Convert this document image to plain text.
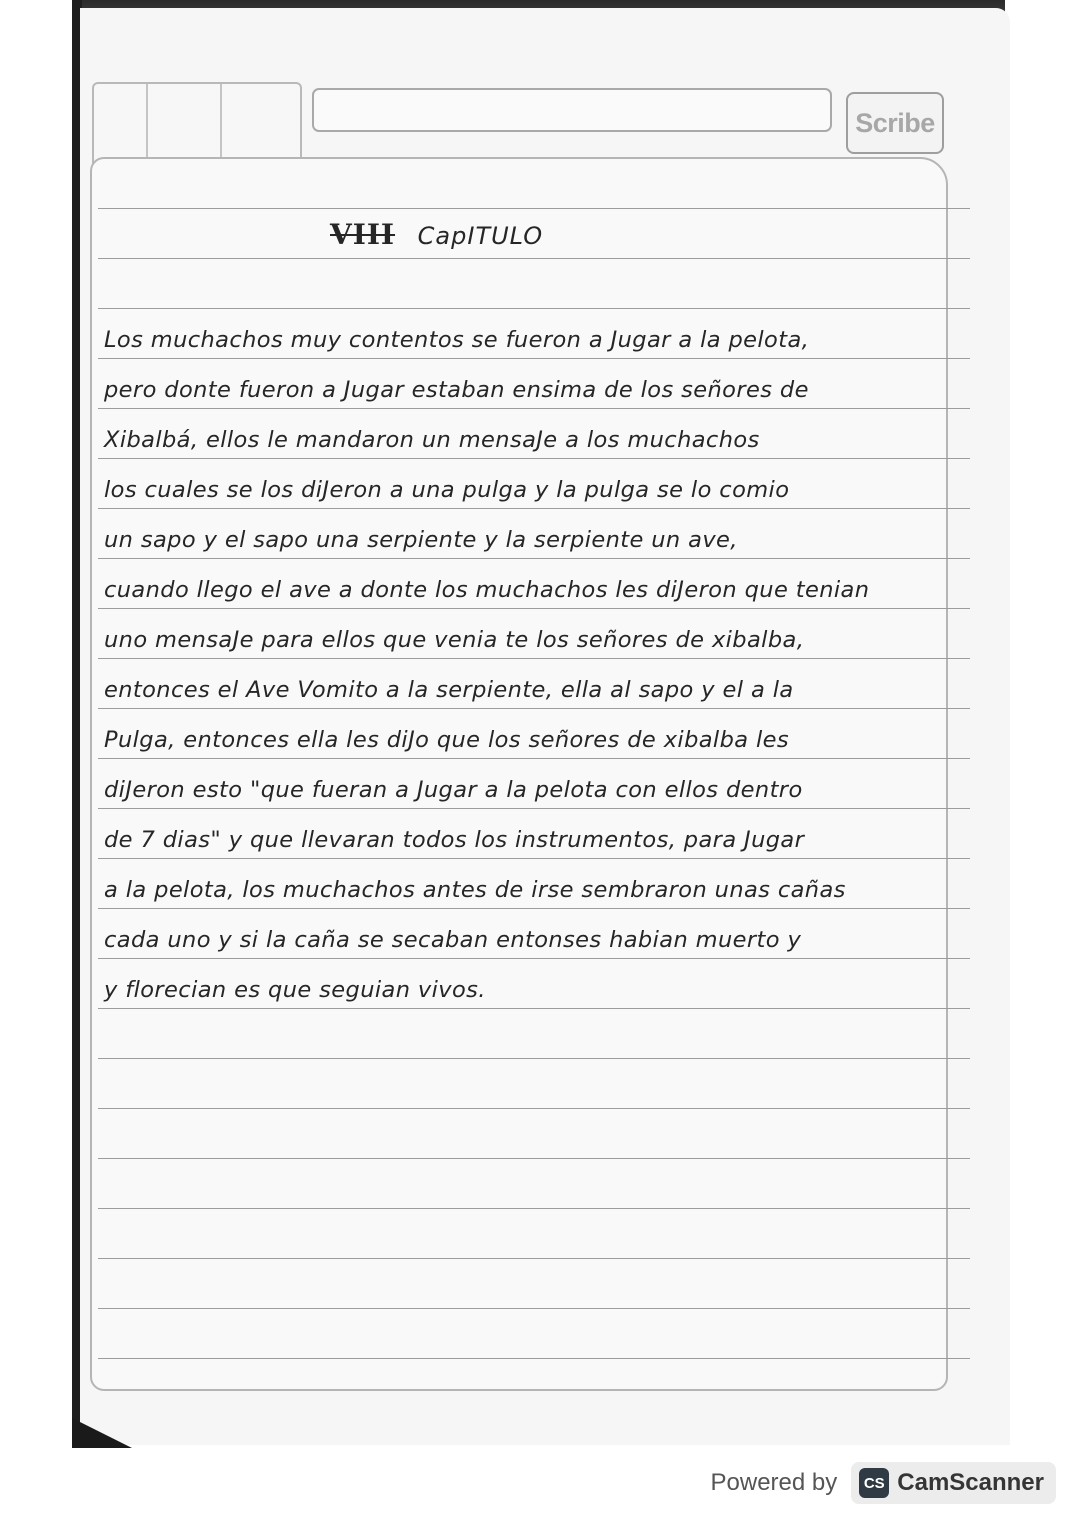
Scribe
VIII CapITULO
Los muchachos muy contentos se fueron a Jugar a la pelota,
pero donte fueron a Jugar estaban ensima de los señores de
Xibalbá, ellos le mandaron un mensaJe a los muchachos
los cuales se los diJeron a una pulga y la pulga se lo comio
un sapo y el sapo una serpiente y la serpiente un ave,
cuando llego el ave a donte los muchachos les diJeron que tenian
uno mensaJe para ellos que venia te los señores de xibalba,
entonces el Ave Vomito a la serpiente, ella al sapo y el a la
Pulga, entonces ella les diJo que los señores de xibalba les
diJeron esto "que fueran a Jugar a la pelota con ellos dentro
de 7 dias" y que llevaran todos los instrumentos, para Jugar
a la pelota, los muchachos antes de irse sembraron unas cañas
cada uno y si la caña se secaban entonses habian muerto y
y florecian es que seguian vivos.
Powered by	CS CamScanner
